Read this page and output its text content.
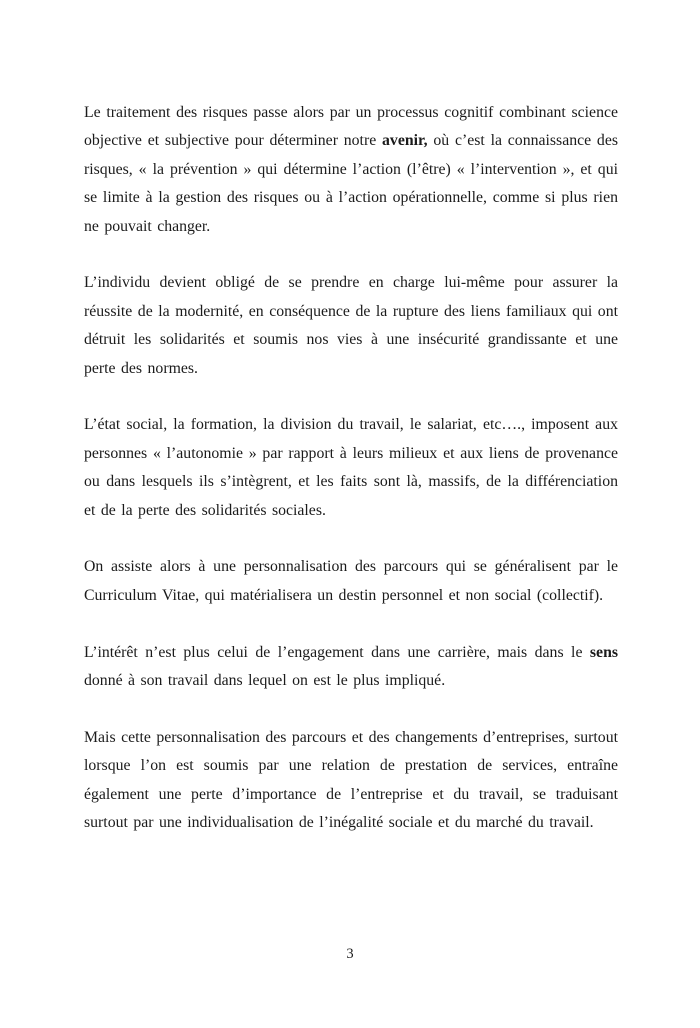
Le traitement des risques passe alors par un processus cognitif combinant science objective et subjective pour déterminer notre avenir, où c’est la connaissance des risques, « la prévention » qui détermine l’action (l’être) « l’intervention », et qui se limite à la gestion des risques ou à l’action opérationnelle, comme si plus rien ne pouvait changer.

L’individu devient obligé de se prendre en charge lui-même pour assurer la réussite de la modernité, en conséquence de la rupture des liens familiaux qui ont détruit les solidarités et soumis nos vies à une insécurité grandissante et une perte des normes.

L’état social, la formation, la division du travail, le salariat, etc…., imposent aux personnes « l’autonomie » par rapport à leurs milieux et aux liens de provenance ou dans lesquels ils s’intègrent, et les faits sont là, massifs, de la différenciation et de la perte des solidarités sociales.

On assiste alors à une personnalisation des parcours qui se généralisent par le Curriculum Vitae, qui matérialisera un destin personnel et non social (collectif).

L’intérêt n’est plus celui de l’engagement dans une carrière, mais dans le sens donné à son travail dans lequel on est le plus impliqué.

Mais cette personnalisation des parcours et des changements d’entreprises, surtout lorsque l’on est soumis par une relation de prestation de services, entraîne également une perte d’importance de l’entreprise et du travail, se traduisant surtout par une individualisation de l’inégalité sociale et du marché du travail.

3
